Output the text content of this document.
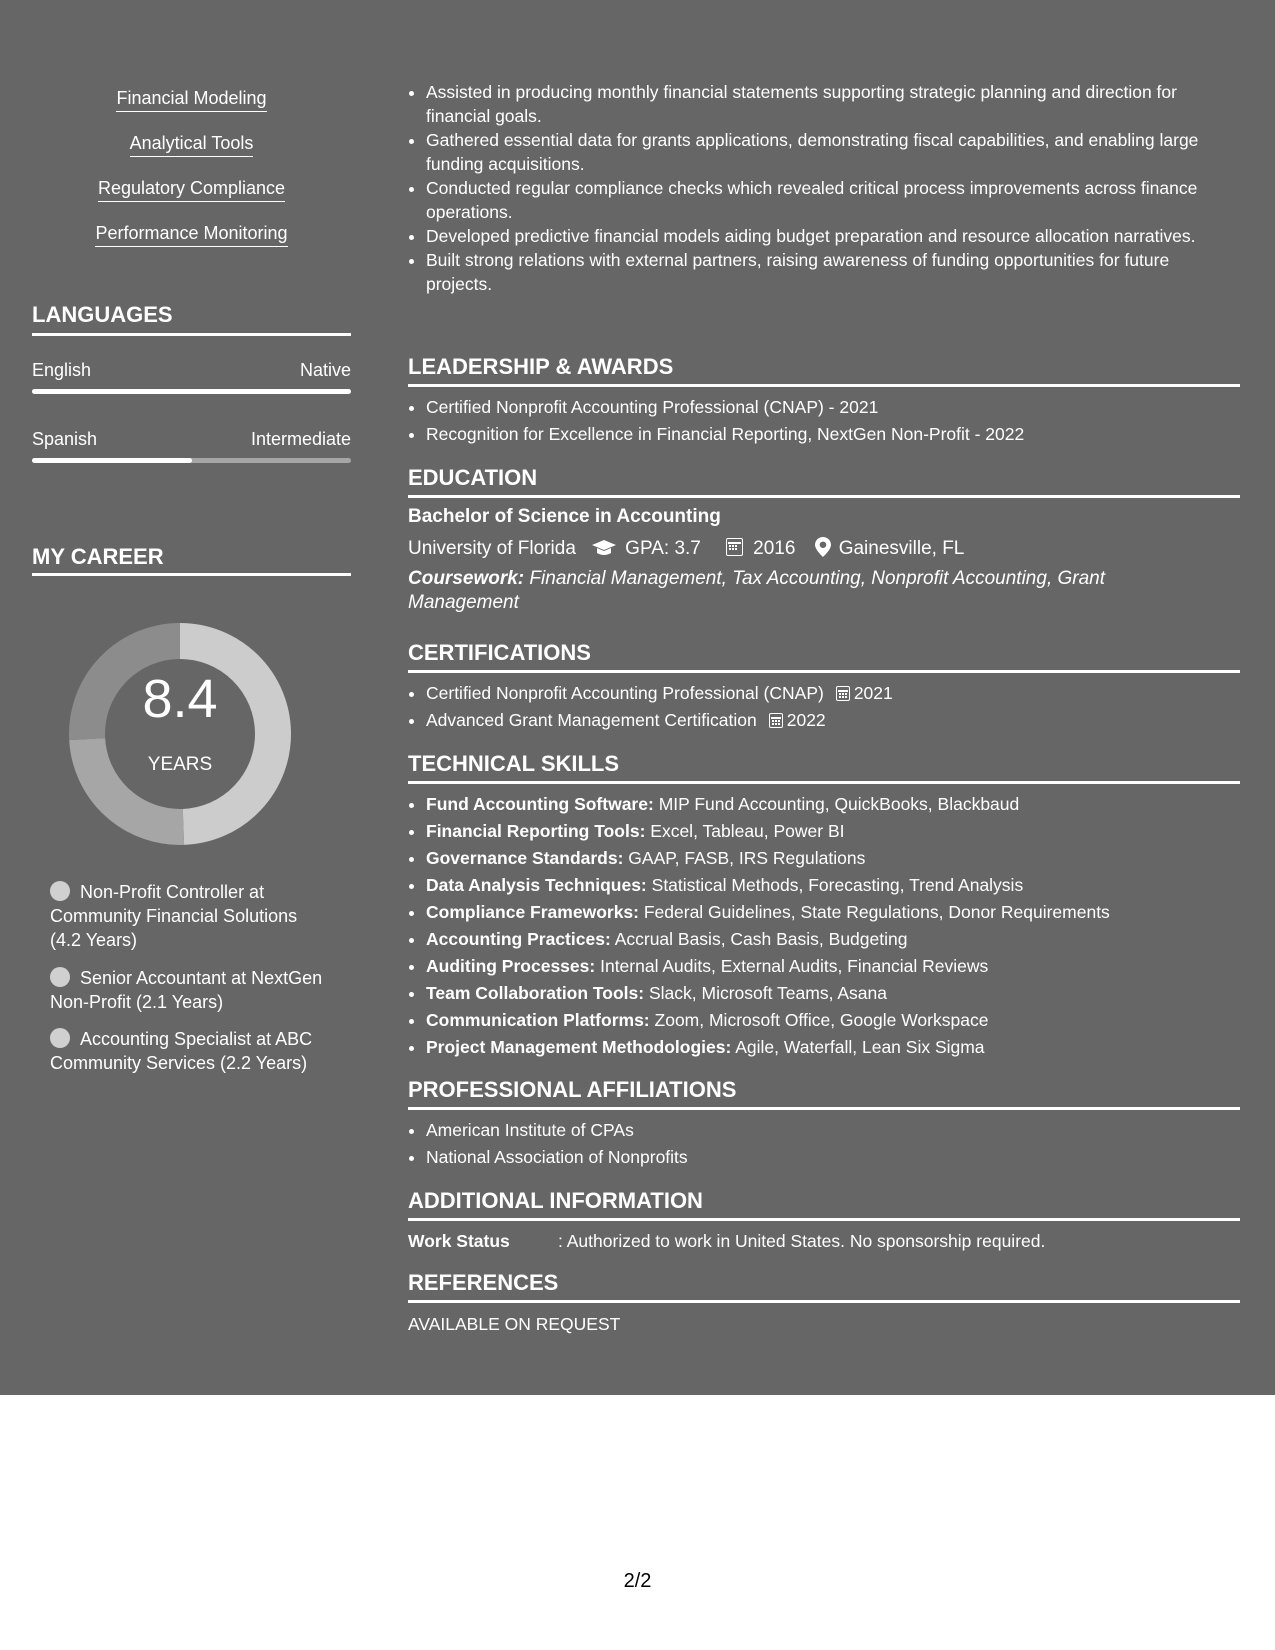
Financial Modeling
Analytical Tools
Regulatory Compliance
Performance Monitoring
LANGUAGES
English	Native
Spanish	Intermediate
MY CAREER
8.4
YEARS
Non-Profit Controller at Community Financial Solutions (4.2 Years)
Senior Accountant at NextGen Non-Profit (2.1 Years)
Accounting Specialist at ABC Community Services (2.2 Years)
• Assisted in producing monthly financial statements supporting strategic planning and direction for financial goals.
• Gathered essential data for grants applications, demonstrating fiscal capabilities, and enabling large funding acquisitions.
• Conducted regular compliance checks which revealed critical process improvements across finance operations.
• Developed predictive financial models aiding budget preparation and resource allocation narratives.
• Built strong relations with external partners, raising awareness of funding opportunities for future projects.
LEADERSHIP & AWARDS
• Certified Nonprofit Accounting Professional (CNAP) - 2021
• Recognition for Excellence in Financial Reporting, NextGen Non-Profit - 2022
EDUCATION
Bachelor of Science in Accounting
University of Florida	GPA: 3.7	2016 Gainesville, FL
Coursework: Financial Management, Tax Accounting, Nonprofit Accounting, Grant Management
CERTIFICATIONS
• Certified Nonprofit Accounting Professional (CNAP) 2021
• Advanced Grant Management Certification 2022
TECHNICAL SKILLS
• Fund Accounting Software: MIP Fund Accounting, QuickBooks, Blackbaud
• Financial Reporting Tools: Excel, Tableau, Power BI
• Governance Standards: GAAP, FASB, IRS Regulations
• Data Analysis Techniques: Statistical Methods, Forecasting, Trend Analysis
• Compliance Frameworks: Federal Guidelines, State Regulations, Donor Requirements
• Accounting Practices: Accrual Basis, Cash Basis, Budgeting
• Auditing Processes: Internal Audits, External Audits, Financial Reviews
• Team Collaboration Tools: Slack, Microsoft Teams, Asana
• Communication Platforms: Zoom, Microsoft Office, Google Workspace
• Project Management Methodologies: Agile, Waterfall, Lean Six Sigma
PROFESSIONAL AFFILIATIONS
• American Institute of CPAs
• National Association of Nonprofits
ADDITIONAL INFORMATION
Work Status	: Authorized to work in United States. No sponsorship required.
REFERENCES
AVAILABLE ON REQUEST
2/2
